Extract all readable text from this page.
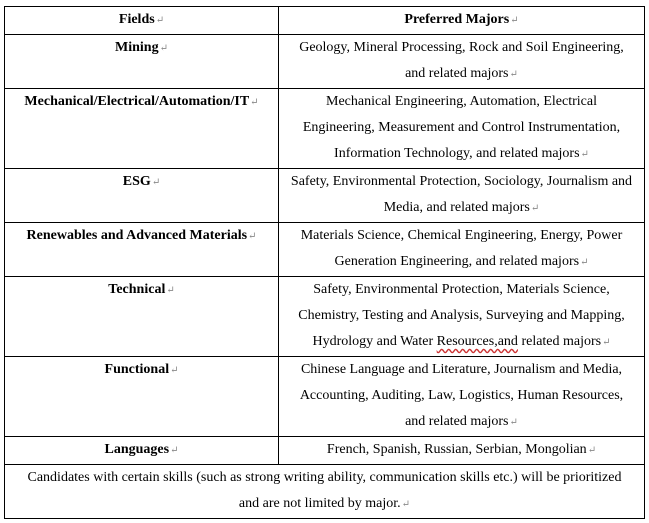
Fields↵	Preferred Majors↵
Mining↵	Geology, Mineral Processing, Rock and Soil Engineering,
and related majors↵

Mechanical/Electrical/Automation/IT↵	Mechanical Engineering, Automation, Electrical
Engineering, Measurement and Control Instrumentation,
Information Technology, and related majors↵

ESG↵	Safety, Environmental Protection, Sociology, Journalism and
Media, and related majors↵

Renewables and Advanced Materials↵	Materials Science, Chemical Engineering, Energy, Power
Generation Engineering, and related majors↵

Technical↵	Safety, Environmental Protection, Materials Science,
Chemistry, Testing and Analysis, Surveying and Mapping,
Hydrology and Water Resources,and related majors↵

Functional↵	Chinese Language and Literature, Journalism and Media,
Accounting, Auditing, Law, Logistics, Human Resources,
and related majors↵

Languages↵	French, Spanish, Russian, Serbian, Mongolian↵

Candidates with certain skills (such as strong writing ability, communication skills etc.) will be prioritized
and are not limited by major.↵	
